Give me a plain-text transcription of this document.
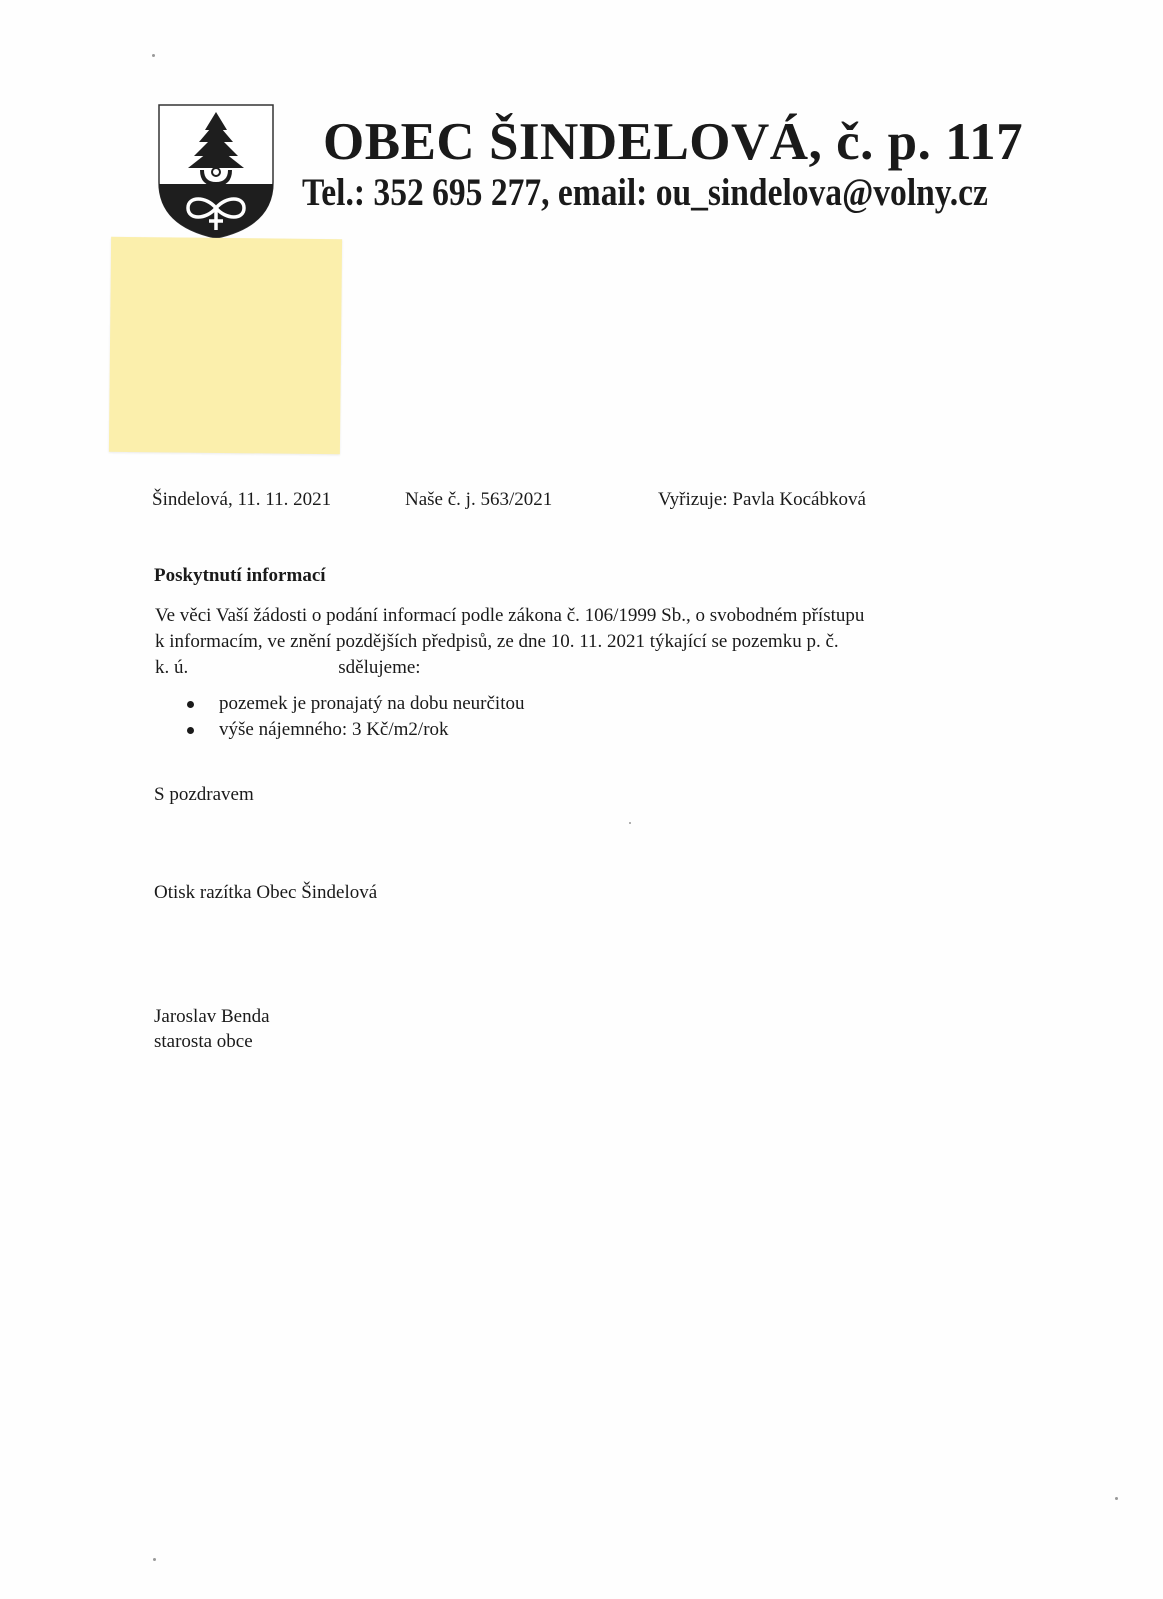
OBEC ŠINDELOVÁ, č. p. 117
Tel.: 352 695 277, email: ou_sindelova@volny.cz
Šindelová, 11. 11. 2021	Naše č. j. 563/2021	Vyřizuje: Pavla Kocábková
Poskytnutí informací
Ve věci Vaší žádosti o podání informací podle zákona č. 106/1999 Sb., o svobodném přístupu
k informacím, ve znění pozdějších předpisů, ze dne 10. 11. 2021 týkající se pozemku p. č.
k. ú.	sdělujeme:
pozemek je pronajatý na dobu neurčitou
výše nájemného: 3 Kč/m2/rok
S pozdravem
Otisk razítka Obec Šindelová
Jaroslav Benda
starosta obce
